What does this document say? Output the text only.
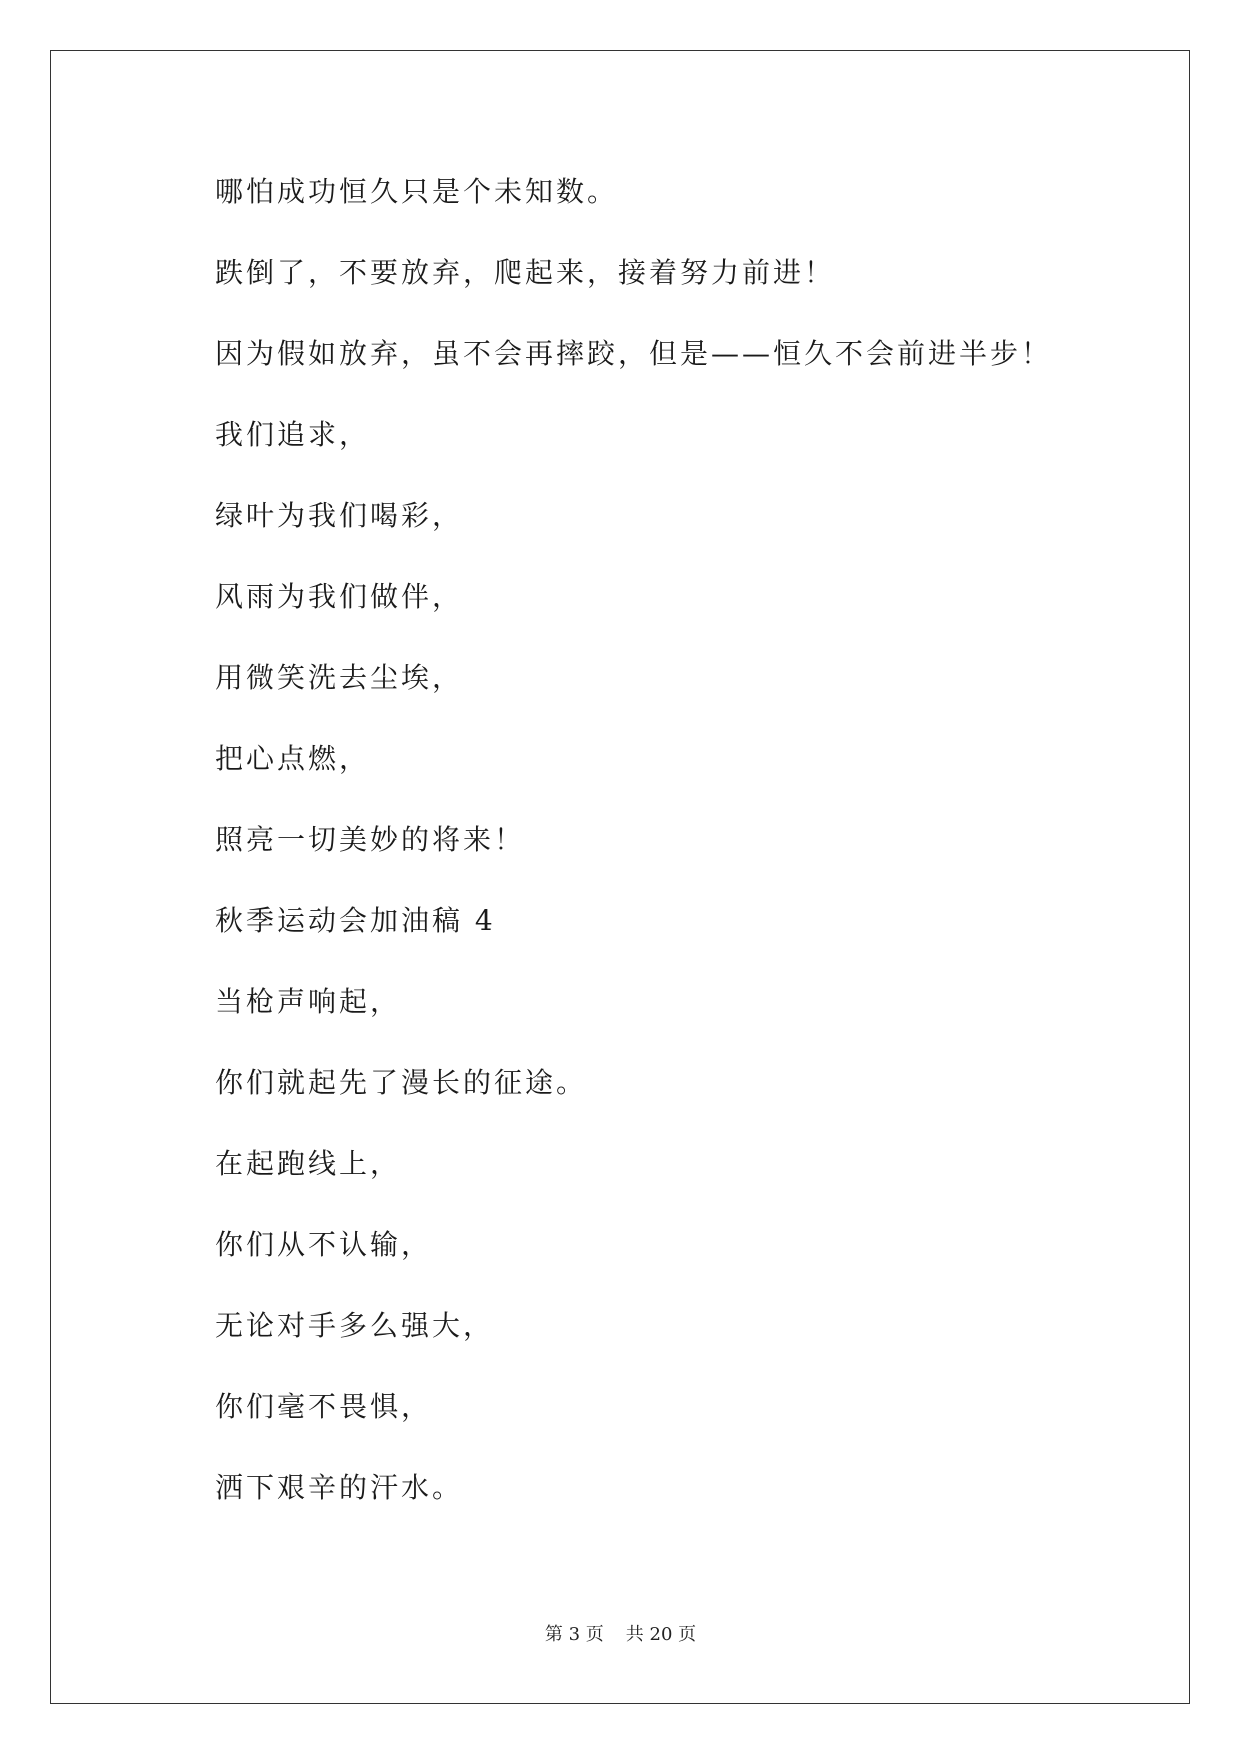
哪怕成功恒久只是个未知数。
跌倒了，不要放弃，爬起来，接着努力前进！
因为假如放弃，虽不会再摔跤，但是——恒久不会前进半步！
我们追求，
绿叶为我们喝彩，
风雨为我们做伴，
用微笑洗去尘埃，
把心点燃，
照亮一切美妙的将来！
秋季运动会加油稿 4
当枪声响起，
你们就起先了漫长的征途。
在起跑线上，
你们从不认输，
无论对手多么强大，
你们毫不畏惧，
洒下艰辛的汗水。
第 3 页 共 20 页
